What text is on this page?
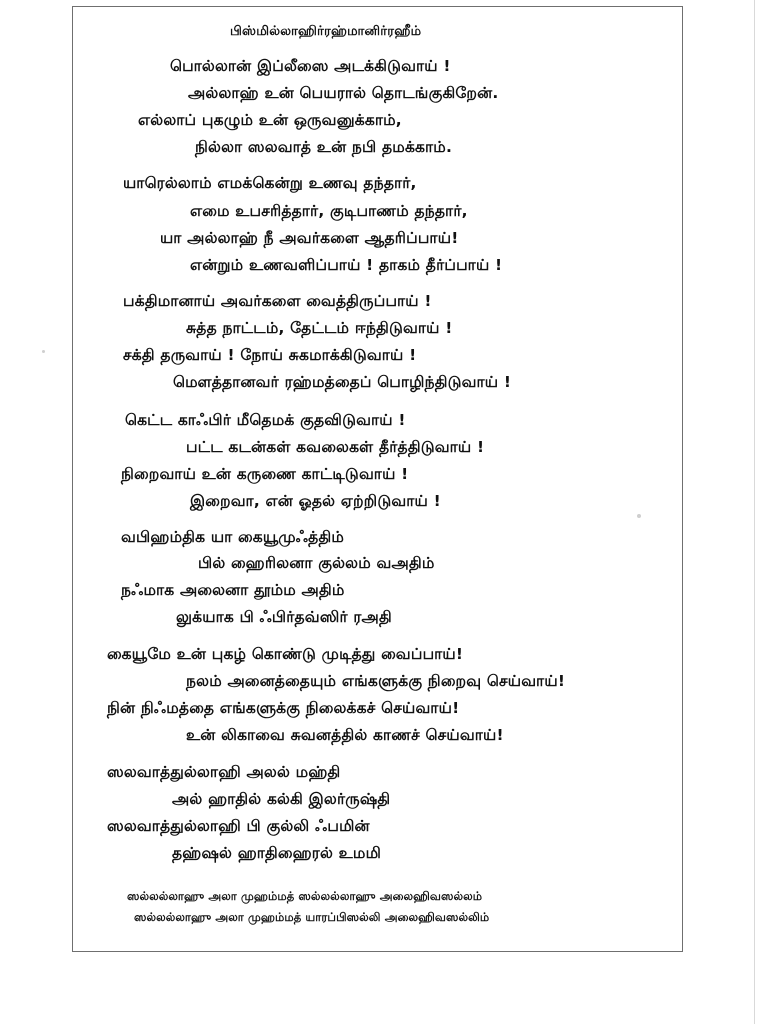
பிஸ்மில்லாஹிர்ரஹ்மானிர்ரஹீம்
பொல்லான் இப்லீஸை அடக்கிடுவாய் !
அல்லாஹ் உன் பெயரால் தொடங்குகிறேன்.
எல்லாப் புகழும் உன் ஒருவனுக்காம்,
நில்லா ஸலவாத் உன் நபி தமக்காம்.
யாரெல்லாம் எமக்கென்று உணவு தந்தார்,
எமை உபசரித்தார், குடிபாணம் தந்தார்,
யா அல்லாஹ் நீ அவர்களை ஆதரிப்பாய்!
என்றும் உணவளிப்பாய் ! தாகம் தீர்ப்பாய் !
பக்திமானாய் அவர்களை வைத்திருப்பாய் !
சுத்த நாட்டம், தேட்டம் ஈந்திடுவாய் !
சக்தி தருவாய் ! நோய் சுகமாக்கிடுவாய் !
மௌத்தானவர் ரஹ்மத்தைப் பொழிந்திடுவாய் !
கெட்ட காஃபிர் மீதெமக் குதவிடுவாய் !
பட்ட கடன்கள் கவலைகள் தீர்த்திடுவாய் !
நிறைவாய் உன் கருணை காட்டிடுவாய் !
இறைவா, என் ஓதல் ஏற்றிடுவாய் !
வபிஹம்திக யா கையூமுஃத்திம்
பில் ஹைரிலனா குல்லம் வஅதிம்
நஃமாக அலைனா தூம்ம அதிம்
லுக்யாக பி ஃபிர்தவ்ஸிர் ரஅதி
கையூமே உன் புகழ் கொண்டு முடித்து வைப்பாய்!
நலம் அனைத்தையும் எங்களுக்கு நிறைவு செய்வாய்!
நின் நிஃமத்தை எங்களுக்கு நிலைக்கச் செய்வாய்!
உன் லிகாவை சுவனத்தில் காணச் செய்வாய்!
ஸலவாத்துல்லாஹி அலல் மஹ்தி
அல் ஹாதில் கல்கி இலர்ருஷ்தி
ஸலவாத்துல்லாஹி பி குல்லி ஃபமின்
தஹ்ஷல் ஹாதிஹைரல் உமமி
ஸல்லல்லாஹு அலா முஹம்மத் ஸல்லல்லாஹு அலைஹிவஸல்லம்
ஸல்லல்லாஹு அலா முஹம்மத் யாரப்பிஸல்லி அலைஹிவஸல்லிம்
